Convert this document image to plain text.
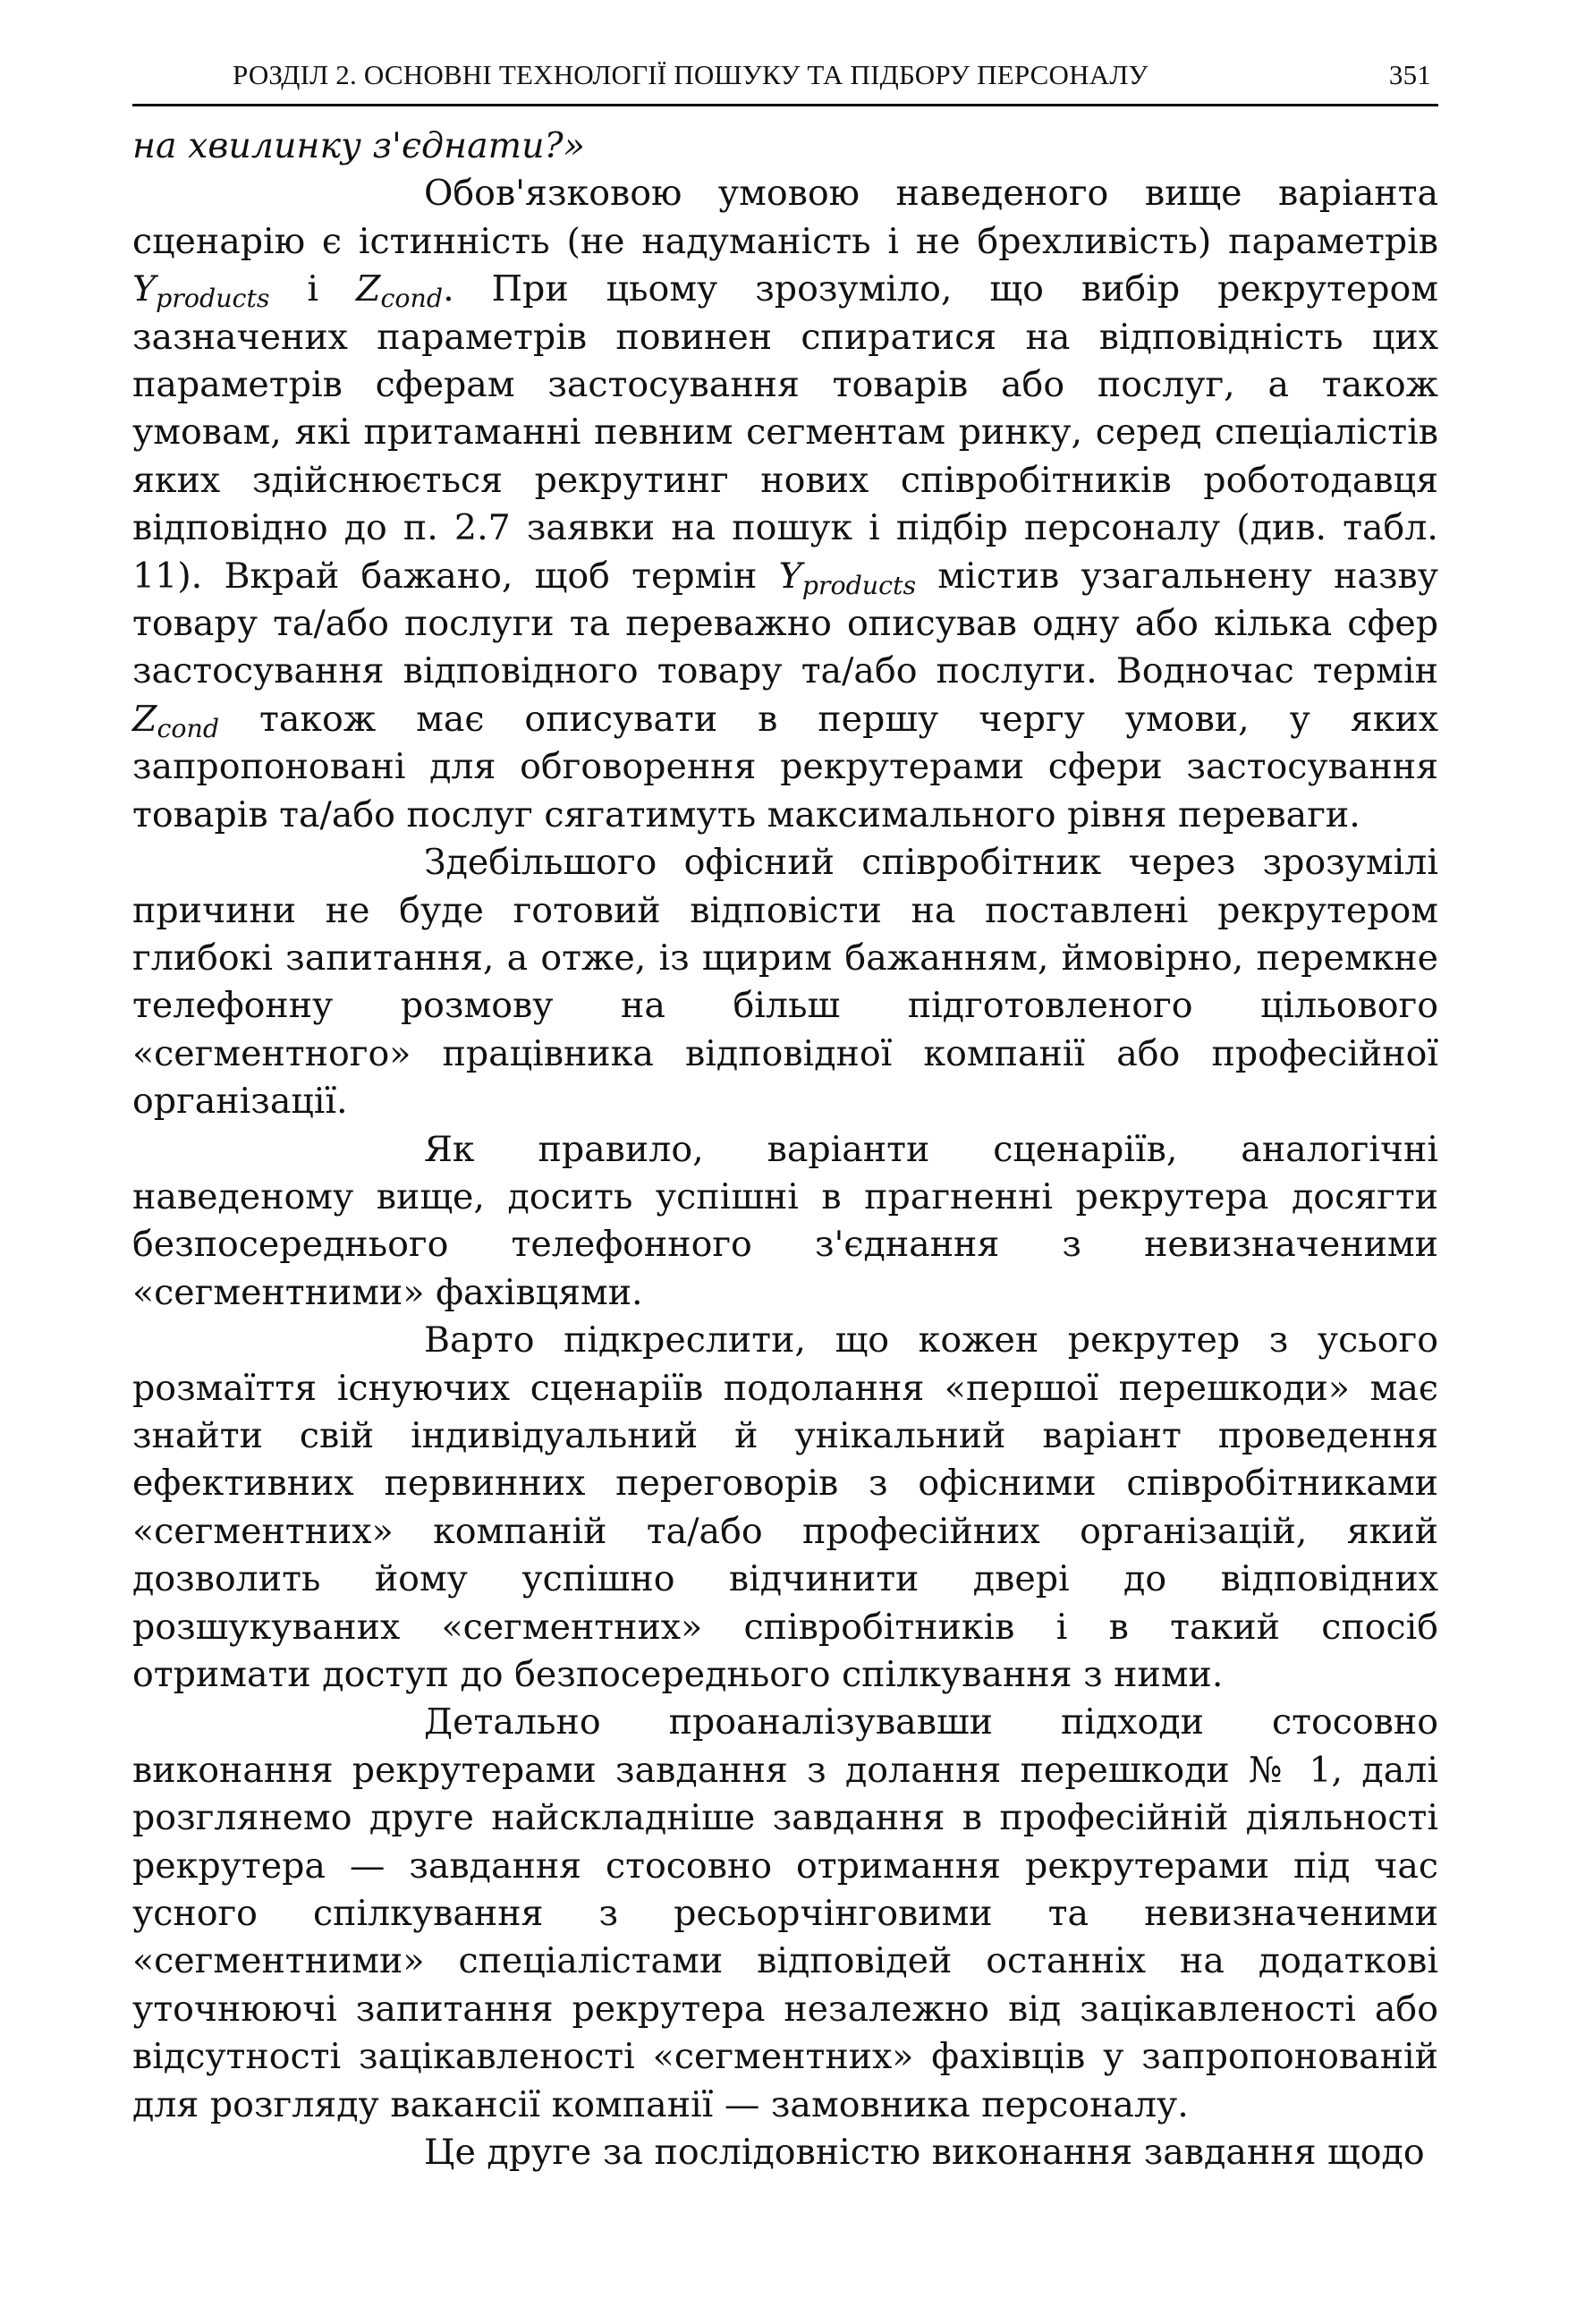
РОЗДІЛ 2. ОСНОВНІ ТЕХНОЛОГІЇ ПОШУКУ ТА ПІДБОРУ ПЕРСОНАЛУ	351

на хвилинку з'єднати?»

Обов'язковою умовою наведеного вище варіанта сценарію є істинність (не надуманість і не брехливість) параметрів $Y_{products}$ і $Z_{cond}$. При цьому зрозуміло, що вибір рекрутером зазначених параметрів повинен спиратися на відповідність цих параметрів сферам застосування товарів або послуг, а також умовам, які притаманні певним сегментам ринку, серед спеціалістів яких здійснюється рекрутинг нових співробітників роботодавця відповідно до п. 2.7 заявки на пошук і підбір персоналу (див. табл. 11). Вкрай бажано, щоб термін $Y_{products}$ містив узагальнену назву товару та/або послуги та переважно описував одну або кілька сфер застосування відповідного товару та/або послуги. Водночас термін $Z_{cond}$ також має описувати в першу чергу умови, у яких запропоновані для обговорення рекрутерами сфери застосування товарів та/або послуг сягатимуть максимального рівня переваги.

Здебільшого офісний співробітник через зрозумілі причини не буде готовий відповісти на поставлені рекрутером глибокі запитання, а отже, із щирим бажанням, ймовірно, перемкне телефонну розмову на більш підготовленого цільового «сегментного» працівника відповідної компанії або професійної організації.

Як правило, варіанти сценаріїв, аналогічні наведеному вище, досить успішні в прагненні рекрутера досягти безпосереднього телефонного з'єднання з невизначеними «сегментними» фахівцями.

Варто підкреслити, що кожен рекрутер з усього розмаїття існуючих сценаріїв подолання «першої перешкоди» має знайти свій індивідуальний й унікальний варіант проведення ефективних первинних переговорів з офісними співробітниками «сегментних» компаній та/або професійних організацій, який дозволить йому успішно відчинити двері до відповідних розшукуваних «сегментних» співробітників і в такий спосіб отримати доступ до безпосереднього спілкування з ними.

Детально проаналізувавши підходи стосовно виконання рекрутерами завдання з долання перешкоди № 1, далі розглянемо друге найскладніше завдання в професійній діяльності рекрутера — завдання стосовно отримання рекрутерами під час усного спілкування з ресьорчінговими та невизначеними «сегментними» спеціалістами відповідей останніх на додаткові уточнюючі запитання рекрутера незалежно від зацікавленості або відсутності зацікавленості «сегментних» фахівців у запропонованій для розгляду вакансії компанії — замовника персоналу.

Це друге за послідовністю виконання завдання щодо
